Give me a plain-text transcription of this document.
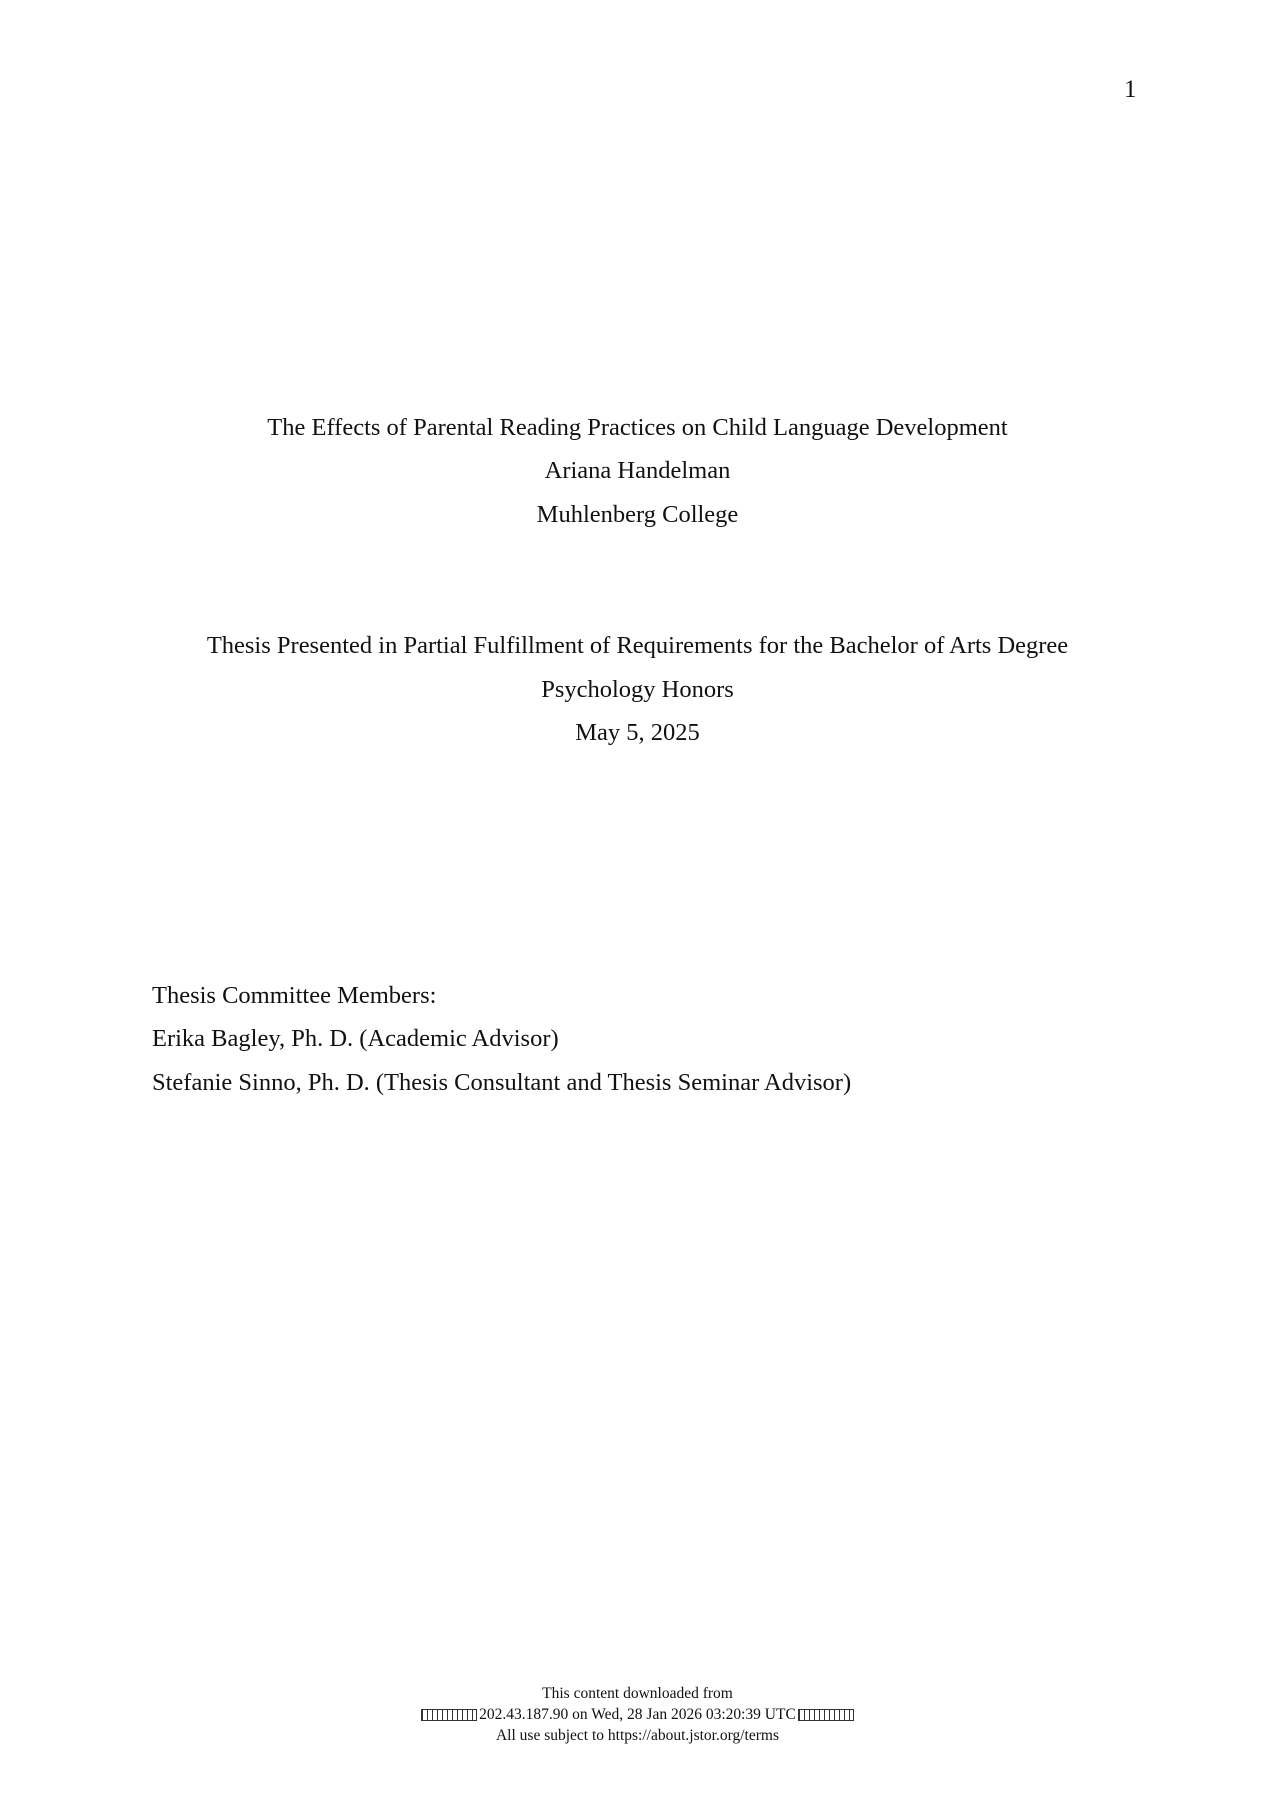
1
The Effects of Parental Reading Practices on Child Language Development
Ariana Handelman
Muhlenberg College
Thesis Presented in Partial Fulfillment of Requirements for the Bachelor of Arts Degree
Psychology Honors
May 5, 2025
Thesis Committee Members:
Erika Bagley, Ph. D. (Academic Advisor)
Stefanie Sinno, Ph. D. (Thesis Consultant and Thesis Seminar Advisor)
This content downloaded from
202.43.187.90 on Wed, 28 Jan 2026 03:20:39 UTC
All use subject to https://about.jstor.org/terms
